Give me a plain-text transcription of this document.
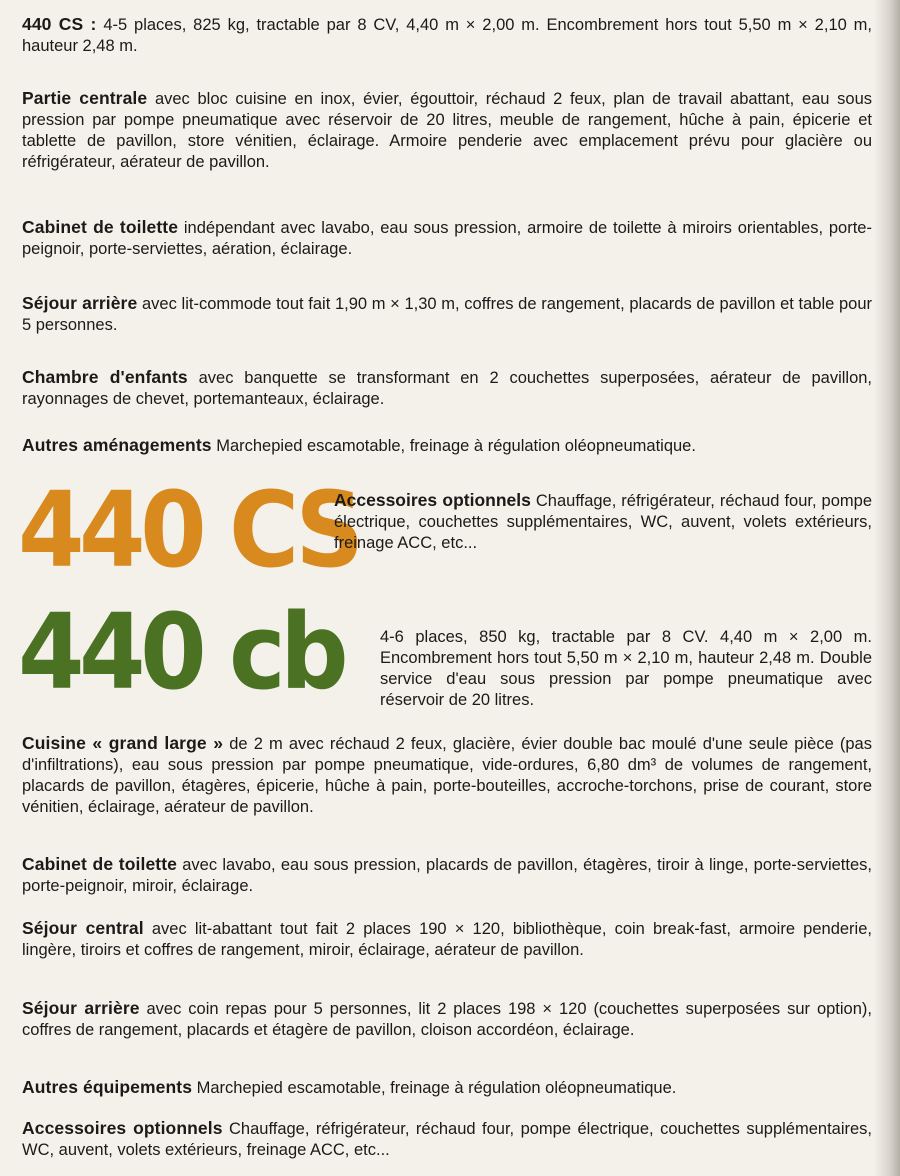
440 CS : 4-5 places, 825 kg, tractable par 8 CV, 4,40 m × 2,00 m. Encombrement hors tout 5,50 m × 2,10 m, hauteur 2,48 m.
Partie centrale avec bloc cuisine en inox, évier, égouttoir, réchaud 2 feux, plan de travail abattant, eau sous pression par pompe pneumatique avec réservoir de 20 litres, meuble de rangement, hûche à pain, épicerie et tablette de pavillon, store vénitien, éclairage. Armoire penderie avec emplacement prévu pour glacière ou réfrigérateur, aérateur de pavillon.
Cabinet de toilette indépendant avec lavabo, eau sous pression, armoire de toilette à miroirs orientables, porte-peignoir, porte-serviettes, aération, éclairage.
Séjour arrière avec lit-commode tout fait 1,90 m × 1,30 m, coffres de rangement, placards de pavillon et table pour 5 personnes.
Chambre d'enfants avec banquette se transformant en 2 couchettes superposées, aérateur de pavillon, rayonnages de chevet, portemanteaux, éclairage.
Autres aménagements Marchepied escamotable, freinage à régulation oléopneumatique.
440 CS
Accessoires optionnels Chauffage, réfrigérateur, réchaud four, pompe électrique, couchettes supplémentaires, WC, auvent, volets extérieurs, freinage ACC, etc...
440 cb 4-6 places, 850 kg, tractable par 8 CV. 4,40 m × 2,00 m. Encombrement hors tout 5,50 m × 2,10 m, hauteur 2,48 m. Double service d'eau sous pression par pompe pneumatique avec réservoir de 20 litres.
Cuisine « grand large » de 2 m avec réchaud 2 feux, glacière, évier double bac moulé d'une seule pièce (pas d'infiltrations), eau sous pression par pompe pneumatique, vide-ordures, 6,80 dm³ de volumes de rangement, placards de pavillon, étagères, épicerie, hûche à pain, porte-bouteilles, accroche-torchons, prise de courant, store vénitien, éclairage, aérateur de pavillon.
Cabinet de toilette avec lavabo, eau sous pression, placards de pavillon, étagères, tiroir à linge, porte-serviettes, porte-peignoir, miroir, éclairage.
Séjour central avec lit-abattant tout fait 2 places 190 × 120, bibliothèque, coin break-fast, armoire penderie, lingère, tiroirs et coffres de rangement, miroir, éclairage, aérateur de pavillon.
Séjour arrière avec coin repas pour 5 personnes, lit 2 places 198 × 120 (couchettes superposées sur option), coffres de rangement, placards et étagère de pavillon, cloison accordéon, éclairage.
Autres équipements Marchepied escamotable, freinage à régulation oléopneumatique.
Accessoires optionnels Chauffage, réfrigérateur, réchaud four, pompe électrique, couchettes supplémentaires, WC, auvent, volets extérieurs, freinage ACC, etc...
